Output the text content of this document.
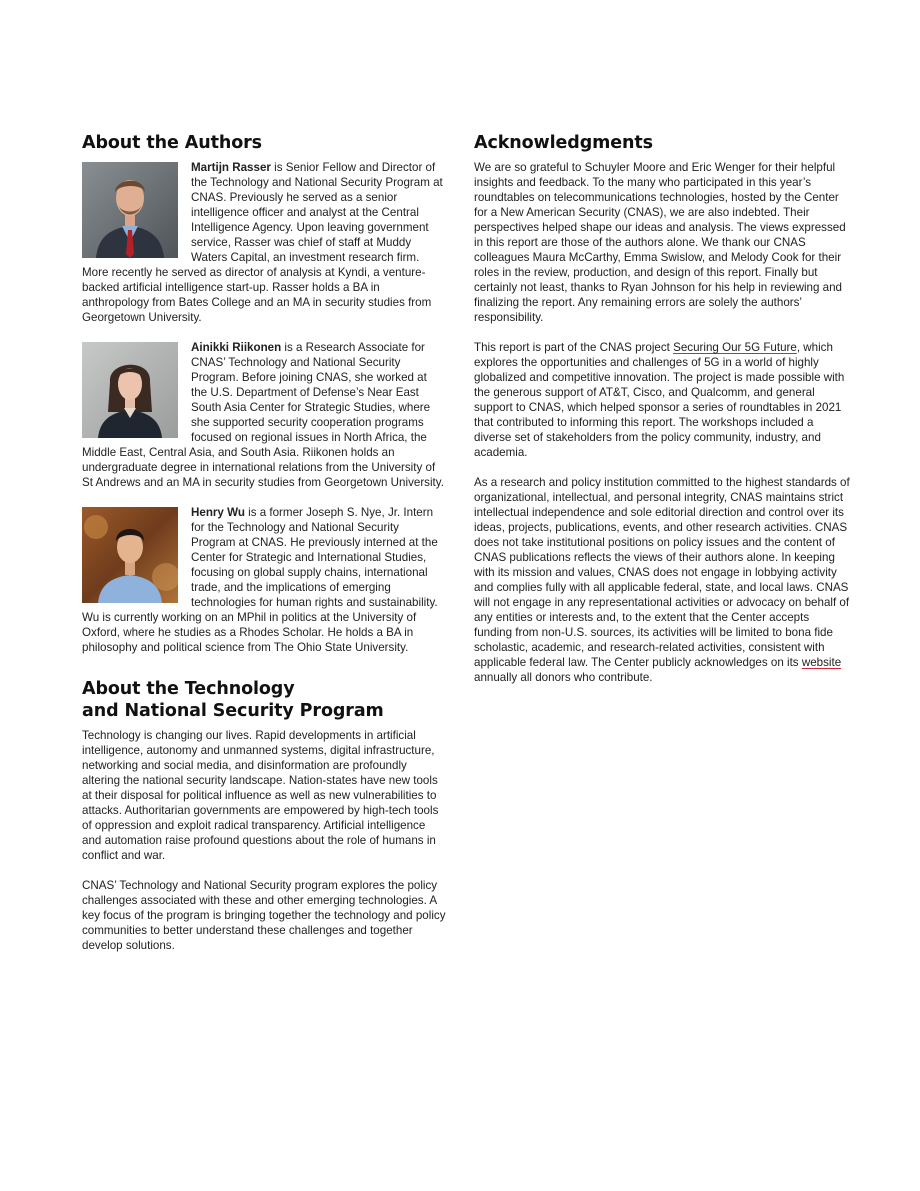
About the Authors

Martijn Rasser is Senior Fellow and Director of the Technology and National Security Program at CNAS. Previously he served as a senior intelligence officer and analyst at the Central Intelligence Agency. Upon leaving government service, Rasser was chief of staff at Muddy Waters Capital, an investment research firm. More recently he served as director of analysis at Kyndi, a venture-backed artificial intelligence start-up. Rasser holds a BA in anthropology from Bates College and an MA in security studies from Georgetown University.

Ainikki Riikonen is a Research Associate for CNAS’ Technology and National Security Program. Before joining CNAS, she worked at the U.S. Department of Defense’s Near East South Asia Center for Strategic Studies, where she supported security cooperation programs focused on regional issues in North Africa, the Middle East, Central Asia, and South Asia. Riikonen holds an undergraduate degree in international relations from the University of St Andrews and an MA in security studies from Georgetown University.

Henry Wu is a former Joseph S. Nye, Jr. Intern for the Technology and National Security Program at CNAS. He previously interned at the Center for Strategic and International Studies, focusing on global supply chains, international trade, and the implications of emerging technologies for human rights and sustainability. Wu is currently working on an MPhil in politics at the University of Oxford, where he studies as a Rhodes Scholar. He holds a BA in philosophy and political science from The Ohio State University.

About the Technology
and National Security Program

Technology is changing our lives. Rapid developments in artificial intelligence, autonomy and unmanned systems, digital infrastructure, networking and social media, and disinformation are profoundly altering the national security landscape. Nation-states have new tools at their disposal for political influence as well as new vulnerabilities to attacks. Authoritarian governments are empowered by high-tech tools of oppression and exploit radical transparency. Artificial intelligence and automation raise profound questions about the role of humans in conflict and war.

CNAS’ Technology and National Security program explores the policy challenges associated with these and other emerging technologies. A key focus of the program is bringing together the technology and policy communities to better understand these challenges and together develop solutions.

Acknowledgments

We are so grateful to Schuyler Moore and Eric Wenger for their helpful insights and feedback. To the many who participated in this year’s roundtables on telecommunications technologies, hosted by the Center for a New American Security (CNAS), we are also indebted. Their perspectives helped shape our ideas and analysis. The views expressed in this report are those of the authors alone. We thank our CNAS colleagues Maura McCarthy, Emma Swislow, and Melody Cook for their roles in the review, production, and design of this report. Finally but certainly not least, thanks to Ryan Johnson for his help in reviewing and finalizing the report. Any remaining errors are solely the authors’ responsibility.

This report is part of the CNAS project Securing Our 5G Future, which explores the opportunities and challenges of 5G in a world of highly globalized and competitive innovation. The project is made possible with the generous support of AT&T, Cisco, and Qualcomm, and general support to CNAS, which helped sponsor a series of roundtables in 2021 that contributed to informing this report. The workshops included a diverse set of stakeholders from the policy community, industry, and academia.

As a research and policy institution committed to the highest standards of organizational, intellectual, and personal integrity, CNAS maintains strict intellectual independence and sole editorial direction and control over its ideas, projects, publications, events, and other research activities. CNAS does not take institutional positions on policy issues and the content of CNAS publications reflects the views of their authors alone. In keeping with its mission and values, CNAS does not engage in lobbying activity and complies fully with all applicable federal, state, and local laws. CNAS will not engage in any representational activities or advocacy on behalf of any entities or interests and, to the extent that the Center accepts funding from non-U.S. sources, its activities will be limited to bona fide scholastic, academic, and research-related activities, consistent with applicable federal law. The Center publicly acknowledges on its website annually all donors who contribute.
